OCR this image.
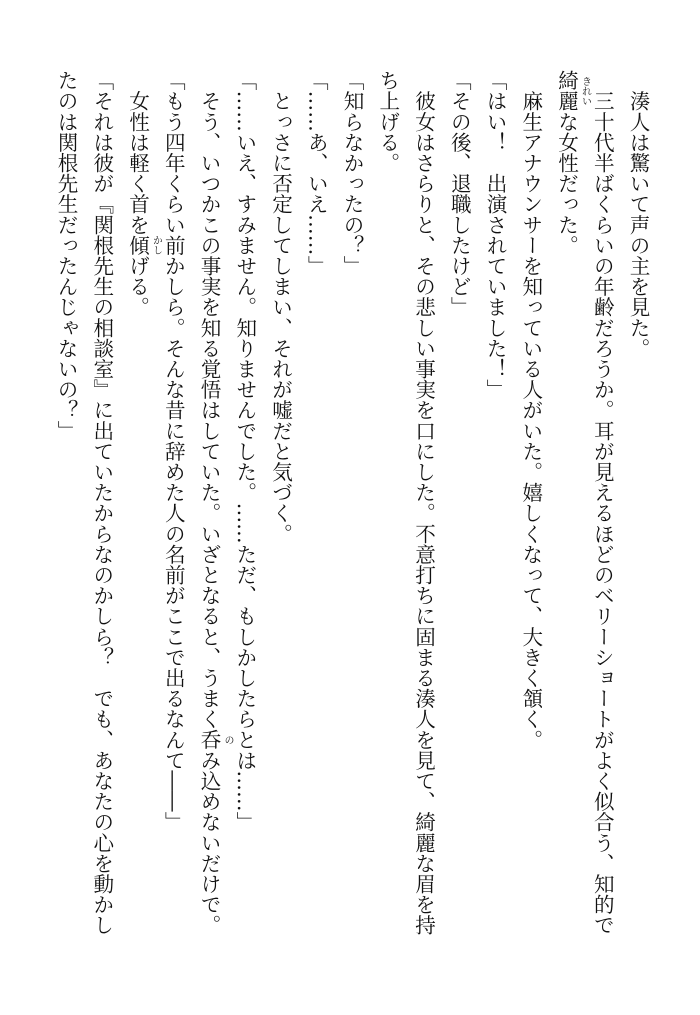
　湊人は驚いて声の主を見た。

　三十代半ばくらいの年齢だろうか。耳が見えるほどのベリーショートがよく似合う、知的で

綺麗 きれい
な女性だった。

　麻生アナウンサーを知っている人がいた。嬉しくなって、大きく頷く。

「はい！　出演されていました！」

「その後、退職したけど」

　彼女はさらりと、その悲しい事実を口にした。不意打ちに固まる湊人を見て、綺麗な眉を持

ち上げる。

「知らなかったの？」

「……あ、いえ……」

　とっさに否定してしまい、それが嘘だと気づく。

「……いえ、すみません。知りませんでした。……ただ、もしかしたらとは……」

　そう、いつかこの事実を知る覚悟はしていた。いざとなると、うまく呑 の
み込めないだけで。

「もう四年くらい前かしら。そんな昔に辞めた人の名前がここで出るなんて――」

　女性は軽く首を傾 かし
げる。

「それは彼が『関根先生の相談室』に出ていたからなのかしら？　でも、あなたの心を動かし

たのは関根先生だったんじゃないの？」
